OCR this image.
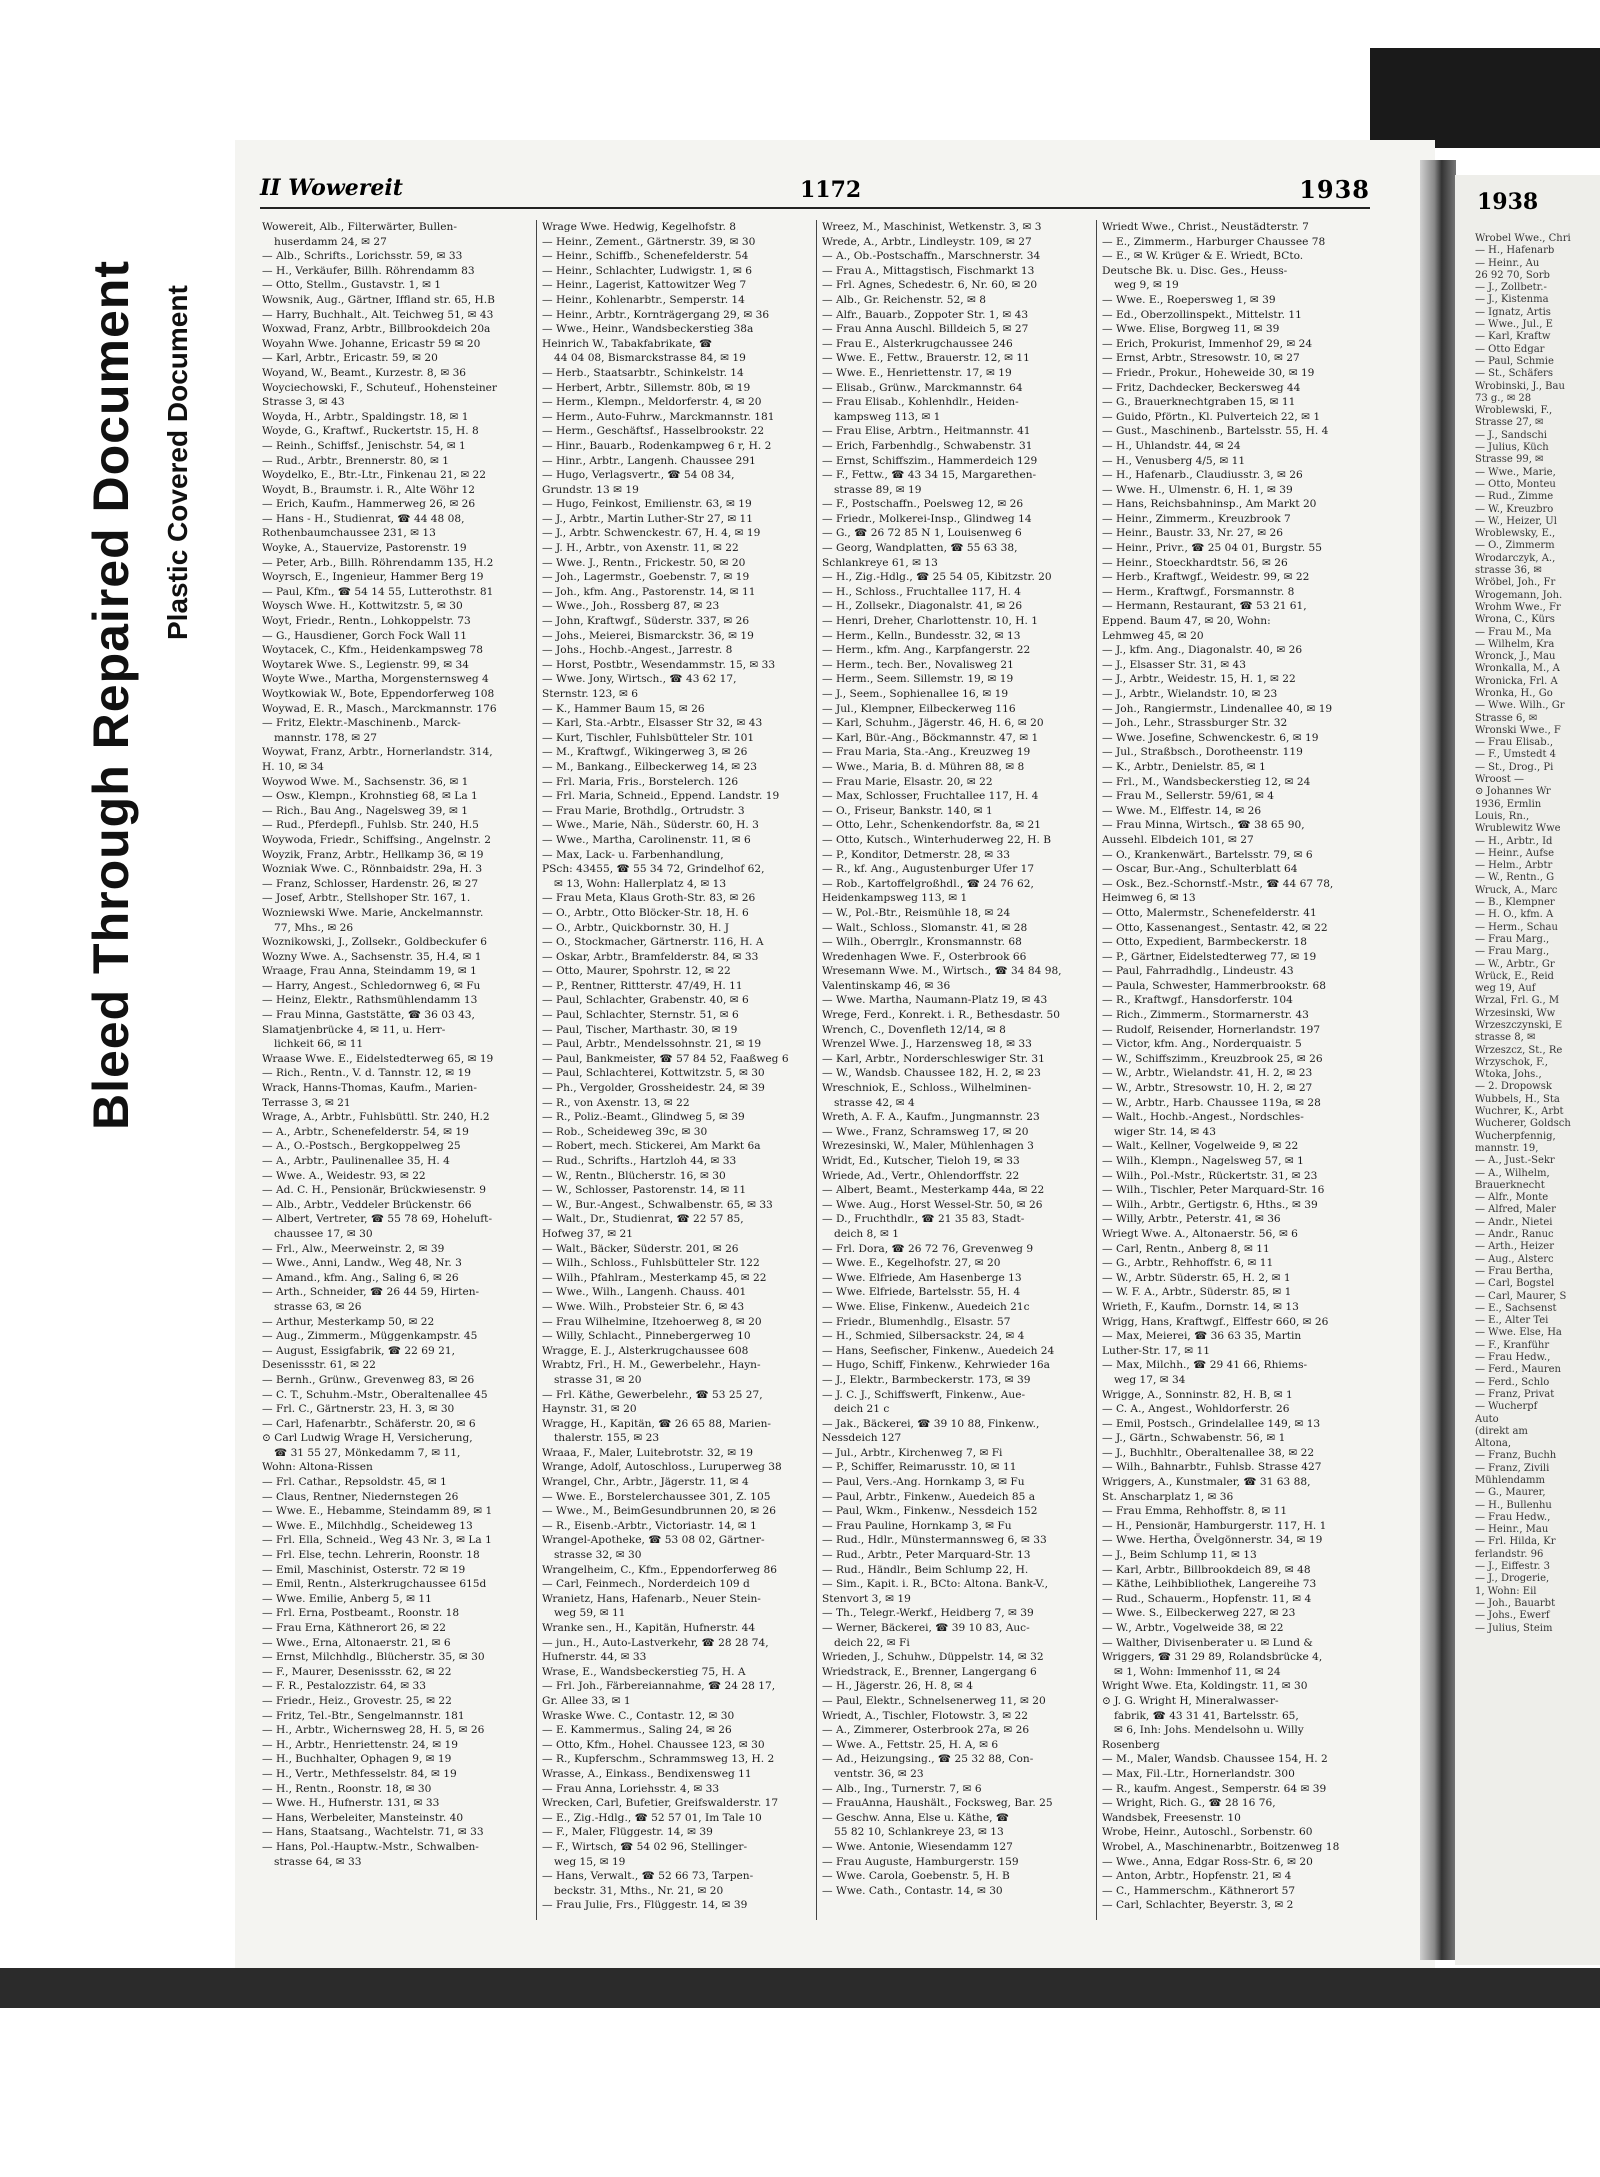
Bleed Through Repaired Document Plastic Covered Document
1938
Wrobel Wwe., Chri
— H., Hafenarb
— Heinr., Au
26 92 70, Sorb
— J., Zollbetr.-
— J., Kistenma
— Ignatz, Artis
— Wwe., Jul., E
— Karl, Kraftw
— Otto Edgar
— Paul, Schmie
— St., Schäfers
Wrobinski, J., Bau
73 g., ✉ 28
Wroblewski, F.,
Strasse 27, ✉
— J., Sandschi
— Julius, Küch
Strasse 99, ✉
— Wwe., Marie,
— Otto, Monteu
— Rud., Zimme
— W., Kreuzbro
— W., Heizer, Ul
Wroblewsky, E.,
— O., Zimmerm
Wrodarczyk, A.,
strasse 36, ✉
Wröbel, Joh., Fr
Wrogemann, Joh.
Wrohm Wwe., Fr
Wrona, C., Kürs
— Frau M., Ma
— Wilhelm, Kra
Wronck, J., Mau
Wronkalla, M., A
Wronicka, Frl. A
Wronka, H., Go
— Wwe. Wilh., Gr
Strasse 6, ✉
Wronski Wwe., F
— Frau Elisab.,
— F., Umstedt 4
— St., Drog., Pi
Wroost —
⊙ Johannes Wr
1936, Ermlin
Louis, Rn.,
Wrublewitz Wwe
— H., Arbtr., Id
— Heinr., Aufse
— Helm., Arbtr
— W., Rentn., G
Wruck, A., Marc
— B., Klempner
— H. O., kfm. A
— Herm., Schau
— Frau Marg.,
— Frau Marg.,
— W., Arbtr., Gr
Wrück, E., Reid
weg 19, Auf
Wrzal, Frl. G., M
Wrzesinski, Ww
Wrzeszczynski, E
strasse 8, ✉
Wrzeszcz, St., Re
Wrzyschok, F.,
Wtoka, Johs.,
— 2. Dropowsk
Wubbels, H., Sta
Wuchrer, K., Arbt
Wucherer, Goldsch
Wucherpfennig,
mannstr. 19,
— A., Just.-Sekr
— A., Wilhelm,
Brauerknecht
— Alfr., Monte
— Alfred, Maler
— Andr., Nietei
— Andr., Ranuc
— Arth., Heizer
— Aug., Alsterc
— Frau Bertha,
— Carl, Bogstel
— Carl, Maurer, S
— E., Sachsenst
— E., Alter Tei
— Wwe. Else, Ha
— F., Kranführ
— Frau Hedw.,
— Ferd., Mauren
— Ferd., Schlo
— Franz, Privat
— Wucherpf
Auto
(direkt am
Altona,
— Franz, Buchh
— Franz, Zivili
Mühlendamm
— G., Maurer,
— H., Bullenhu
— Frau Hedw.,
— Heinr., Mau
— Frl. Hilda, Kr
ferlandstr. 96
— J., Eiffestr. 3
— J., Drogerie,
1, Wohn: Eil
— Joh., Bauarbt
— Johs., Ewerf
— Julius, Steim
II Wowereit	1172	1938

Wowereit, Alb., Filterwärter, Bullen-

huserdamm 24, ✉ 27

— Alb., Schrifts., Lorichsstr. 59, ✉ 33

— H., Verkäufer, Billh. Röhrendamm 83

— Otto, Stellm., Gustavstr. 1, ✉ 1

Wowsnik, Aug., Gärtner, Iffland str. 65, H.B

— Harry, Buchhalt., Alt. Teichweg 51, ✉ 43

Woxwad, Franz, Arbtr., Billbrookdeich 20a

Woyahn Wwe. Johanne, Ericastr 59 ✉ 20

— Karl, Arbtr., Ericastr. 59, ✉ 20

Woyand, W., Beamt., Kurzestr. 8, ✉ 36

Woyciechowski, F., Schuteuf., Hohensteiner

Strasse 3, ✉ 43

Woyda, H., Arbtr., Spaldingstr. 18, ✉ 1

Woyde, G., Kraftwf., Ruckertstr. 15, H. 8

— Reinh., Schiffsf., Jenischstr. 54, ✉ 1

— Rud., Arbtr., Brennerstr. 80, ✉ 1

Woydelko, E., Btr.-Ltr., Finkenau 21, ✉ 22

Woydt, B., Braumstr. i. R., Alte Wöhr 12

— Erich, Kaufm., Hammerweg 26, ✉ 26

— Hans - H., Studienrat, ☎ 44 48 08,

Rothenbaumchaussee 231, ✉ 13

Woyke, A., Stauervize, Pastorenstr. 19

— Peter, Arb., Billh. Röhrendamm 135, H.2

Woyrsch, E., Ingenieur, Hammer Berg 19

— Paul, Kfm., ☎ 54 14 55, Lutterothstr. 81

Woysch Wwe. H., Kottwitzstr. 5, ✉ 30

Woyt, Friedr., Rentn., Lohkoppelstr. 73

— G., Hausdiener, Gorch Fock Wall 11

Woytacek, C., Kfm., Heidenkampsweg 78

Woytarek Wwe. S., Legienstr. 99, ✉ 34

Woyte Wwe., Martha, Morgensternsweg 4

Woytkowiak W., Bote, Eppendorferweg 108

Woywad, E. R., Masch., Marckmannstr. 176

— Fritz, Elektr.-Maschinenb., Marck-

mannstr. 178, ✉ 27

Woywat, Franz, Arbtr., Hornerlandstr. 314,

H. 10, ✉ 34

Woywod Wwe. M., Sachsenstr. 36, ✉ 1

— Osw., Klempn., Krohnstieg 68, ✉ La 1

— Rich., Bau Ang., Nagelsweg 39, ✉ 1

— Rud., Pferdepfl., Fuhlsb. Str. 240, H.5

Woywoda, Friedr., Schiffsing., Angelnstr. 2

Woyzik, Franz, Arbtr., Hellkamp 36, ✉ 19

Wozniak Wwe. C., Rönnbaidstr. 29a, H. 3

— Franz, Schlosser, Hardenstr. 26, ✉ 27

— Josef, Arbtr., Stellshoper Str. 167, 1.

Wozniewski Wwe. Marie, Anckelmannstr.

77, Mhs., ✉ 26

Woznikowski, J., Zollsekr., Goldbeckufer 6

Wozny Wwe. A., Sachsenstr. 35, H.4, ✉ 1

Wraage, Frau Anna, Steindamm 19, ✉ 1

— Harry, Angest., Schledornweg 6, ✉ Fu

— Heinz, Elektr., Rathsmühlendamm 13

— Frau Minna, Gaststätte, ☎ 36 03 43,

Slamatjenbrücke 4, ✉ 11, u. Herr-

lichkeit 66, ✉ 11

Wraase Wwe. E., Eidelstedterweg 65, ✉ 19

— Rich., Rentn., V. d. Tannstr. 12, ✉ 19

Wrack, Hanns-Thomas, Kaufm., Marien-

Terrasse 3, ✉ 21

Wrage, A., Arbtr., Fuhlsbüttl. Str. 240, H.2

— A., Arbtr., Schenefelderstr. 54, ✉ 19

— A., O.-Postsch., Bergkoppelweg 25

— A., Arbtr., Paulinenallee 35, H. 4

— Wwe. A., Weidestr. 93, ✉ 22

— Ad. C. H., Pensionär, Brückwiesenstr. 9

— Alb., Arbtr., Veddeler Brückenstr. 66

— Albert, Vertreter, ☎ 55 78 69, Hoheluft-

chaussee 17, ✉ 30

— Frl., Alw., Meerweinstr. 2, ✉ 39

— Wwe., Anni, Landw., Weg 48, Nr. 3

— Amand., kfm. Ang., Saling 6, ✉ 26

— Arth., Schneider, ☎ 26 44 59, Hirten-

strasse 63, ✉ 26

— Arthur, Mesterkamp 50, ✉ 22

— Aug., Zimmerm., Müggenkampstr. 45

— August, Essigfabrik, ☎ 22 69 21,

Desenissstr. 61, ✉ 22

— Bernh., Grünw., Grevenweg 83, ✉ 26

— C. T., Schuhm.-Mstr., Oberaltenallee 45

— Frl. C., Gärtnerstr. 23, H. 3, ✉ 30

— Carl, Hafenarbtr., Schäferstr. 20, ✉ 6

⊙ Carl Ludwig Wrage H, Versicherung,

☎ 31 55 27, Mönkedamm 7, ✉ 11,

Wohn: Altona-Rissen

— Frl. Cathar., Repsoldstr. 45, ✉ 1

— Claus, Rentner, Niedernstegen 26

— Wwe. E., Hebamme, Steindamm 89, ✉ 1

— Wwe. E., Milchhdlg., Scheideweg 13

— Frl. Ella, Schneid., Weg 43 Nr. 3, ✉ La 1

— Frl. Else, techn. Lehrerin, Roonstr. 18

— Emil, Maschinist, Osterstr. 72 ✉ 19

— Emil, Rentn., Alsterkrugchaussee 615d

— Wwe. Emilie, Anberg 5, ✉ 11

— Frl. Erna, Postbeamt., Roonstr. 18

— Frau Erna, Käthnerort 26, ✉ 22

— Wwe., Erna, Altonaerstr. 21, ✉ 6

— Ernst, Milchhdlg., Blücherstr. 35, ✉ 30

— F., Maurer, Desenissstr. 62, ✉ 22

— F. R., Pestalozzistr. 64, ✉ 33

— Friedr., Heiz., Grovestr. 25, ✉ 22

— Fritz, Tel.-Btr., Sengelmannstr. 181

— H., Arbtr., Wichernsweg 28, H. 5, ✉ 26

— H., Arbtr., Henriettenstr. 24, ✉ 19

— H., Buchhalter, Ophagen 9, ✉ 19

— H., Vertr., Methfesselstr. 84, ✉ 19

— H., Rentn., Roonstr. 18, ✉ 30

— Wwe. H., Hufnerstr. 131, ✉ 33

— Hans, Werbeleiter, Mansteinstr. 40

— Hans, Staatsang., Wachtelstr. 71, ✉ 33

— Hans, Pol.-Hauptw.-Mstr., Schwalben-

strasse 64, ✉ 33

Wrage Wwe. Hedwig, Kegelhofstr. 8

— Heinr., Zement., Gärtnerstr. 39, ✉ 30

— Heinr., Schiffb., Schenefelderstr. 54

— Heinr., Schlachter, Ludwigstr. 1, ✉ 6

— Heinr., Lagerist, Kattowitzer Weg 7

— Heinr., Kohlenarbtr., Semperstr. 14

— Heinr., Arbtr., Kornträgergang 29, ✉ 36

— Wwe., Heinr., Wandsbeckerstieg 38a

Heinrich W., Tabakfabrikate, ☎

44 04 08, Bismarckstrasse 84, ✉ 19

— Herb., Staatsarbtr., Schinkelstr. 14

— Herbert, Arbtr., Sillemstr. 80b, ✉ 19

— Herm., Klempn., Meldorferstr. 4, ✉ 20

— Herm., Auto-Fuhrw., Marckmannstr. 181

— Herm., Geschäftsf., Hasselbrookstr. 22

— Hinr., Bauarb., Rodenkampweg 6 r, H. 2

— Hinr., Arbtr., Langenh. Chaussee 291

— Hugo, Verlagsvertr., ☎ 54 08 34,

Grundstr. 13 ✉ 19

— Hugo, Feinkost, Emilienstr. 63, ✉ 19

— J., Arbtr., Martin Luther-Str 27, ✉ 11

— J., Arbtr. Schwenckestr. 67, H. 4, ✉ 19

— J. H., Arbtr., von Axenstr. 11, ✉ 22

— Wwe. J., Rentn., Frickestr. 50, ✉ 20

— Joh., Lagermstr., Goebenstr. 7, ✉ 19

— Joh., kfm. Ang., Pastorenstr. 14, ✉ 11

— Wwe., Joh., Rossberg 87, ✉ 23

— John, Kraftwgf., Süderstr. 337, ✉ 26

— Johs., Meierei, Bismarckstr. 36, ✉ 19

— Johs., Hochb.-Angest., Jarrestr. 8

— Horst, Postbtr., Wesendammstr. 15, ✉ 33

— Wwe. Jony, Wirtsch., ☎ 43 62 17,

Sternstr. 123, ✉ 6

— K., Hammer Baum 15, ✉ 26

— Karl, Sta.-Arbtr., Elsasser Str 32, ✉ 43

— Kurt, Tischler, Fuhlsbütteler Str. 101

— M., Kraftwgf., Wikingerweg 3, ✉ 26

— M., Bankang., Eilbeckerweg 14, ✉ 23

— Frl. Maria, Fris., Borstelerch. 126

— Frl. Maria, Schneid., Eppend. Landstr. 19

— Frau Marie, Brothdlg., Ortrudstr. 3

— Wwe., Marie, Näh., Süderstr. 60, H. 3

— Wwe., Martha, Carolinenstr. 11, ✉ 6

— Max, Lack- u. Farbenhandlung,

PSch: 43455, ☎ 55 34 72, Grindelhof 62,

✉ 13, Wohn: Hallerplatz 4, ✉ 13

— Frau Meta, Klaus Groth-Str. 83, ✉ 26

— O., Arbtr., Otto Blöcker-Str. 18, H. 6

— O., Arbtr., Quickbornstr. 30, H. J

— O., Stockmacher, Gärtnerstr. 116, H. A

— Oskar, Arbtr., Bramfelderstr. 84, ✉ 33

— Otto, Maurer, Spohrstr. 12, ✉ 22

— P., Rentner, Rittterstr. 47/49, H. 11

— Paul, Schlachter, Grabenstr. 40, ✉ 6

— Paul, Schlachter, Sternstr. 51, ✉ 6

— Paul, Tischer, Marthastr. 30, ✉ 19

— Paul, Arbtr., Mendelssohnstr. 21, ✉ 19

— Paul, Bankmeister, ☎ 57 84 52, Faaßweg 6

— Paul, Schlachterei, Kottwitzstr. 5, ✉ 30

— Ph., Vergolder, Grossheidestr. 24, ✉ 39

— R., von Axenstr. 13, ✉ 22

— R., Poliz.-Beamt., Glindweg 5, ✉ 39

— Rob., Scheideweg 39c, ✉ 30

— Robert, mech. Stickerei, Am Markt 6a

— Rud., Schrifts., Hartzloh 44, ✉ 33

— W., Rentn., Blücherstr. 16, ✉ 30

— W., Schlosser, Pastorenstr. 14, ✉ 11

— W., Bur.-Angest., Schwalbenstr. 65, ✉ 33

— Walt., Dr., Studienrat, ☎ 22 57 85,

Hofweg 37, ✉ 21

— Walt., Bäcker, Süderstr. 201, ✉ 26

— Wilh., Schloss., Fuhlsbütteler Str. 122

— Wilh., Pfahlram., Mesterkamp 45, ✉ 22

— Wwe., Wilh., Langenh. Chauss. 401

— Wwe. Wilh., Probsteier Str. 6, ✉ 43

— Frau Wilhelmine, Itzehoerweg 8, ✉ 20

— Willy, Schlacht., Pinnebergerweg 10

Wragge, E. J., Alsterkrugchaussee 608

Wrabtz, Frl., H. M., Gewerbelehr., Hayn-

strasse 31, ✉ 20

— Frl. Käthe, Gewerbelehr., ☎ 53 25 27,

Haynstr. 31, ✉ 20

Wragge, H., Kapitän, ☎ 26 65 88, Marien-

thalerstr. 155, ✉ 23

Wraaa, F., Maler, Luitebrotstr. 32, ✉ 19

Wrange, Adolf, Autoschloss., Luruperweg 38

Wrangel, Chr., Arbtr., Jägerstr. 11, ✉ 4

— Wwe. E., Borstelerchaussee 301, Z. 105

— Wwe., M., BeimGesundbrunnen 20, ✉ 26

— R., Eisenb.-Arbtr., Victoriastr. 14, ✉ 1

Wrangel-Apotheke, ☎ 53 08 02, Gärtner-

strasse 32, ✉ 30

Wrangelheim, C., Kfm., Eppendorferweg 86

— Carl, Feinmech., Norderdeich 109 d

Wranietz, Hans, Hafenarb., Neuer Stein-

weg 59, ✉ 11

Wranke sen., H., Kapitän, Hufnerstr. 44

— jun., H., Auto-Lastverkehr, ☎ 28 28 74,

Hufnerstr. 44, ✉ 33

Wrase, E., Wandsbeckerstieg 75, H. A

— Frl. Joh., Färbereiannahme, ☎ 24 28 17,

Gr. Allee 33, ✉ 1

Wraske Wwe. C., Contastr. 12, ✉ 30

— E. Kammermus., Saling 24, ✉ 26

— Otto, Kfm., Hohel. Chaussee 123, ✉ 30

— R., Kupferschm., Schrammsweg 13, H. 2

Wrasse, A., Einkass., Bendixensweg 11

— Frau Anna, Loriehsstr. 4, ✉ 33

Wrecken, Carl, Bufetier, Greifswalderstr. 17

— E., Zig.-Hdlg., ☎ 52 57 01, Im Tale 10

— F., Maler, Flüggestr. 14, ✉ 39

— F., Wirtsch, ☎ 54 02 96, Stellinger-

weg 15, ✉ 19

— Hans, Verwalt., ☎ 52 66 73, Tarpen-

beckstr. 31, Mths., Nr. 21, ✉ 20

— Frau Julie, Frs., Flüggestr. 14, ✉ 39

Wreez, M., Maschinist, Wetkenstr. 3, ✉ 3

Wrede, A., Arbtr., Lindleystr. 109, ✉ 27

— A., Ob.-Postschaffn., Marschnerstr. 34

— Frau A., Mittagstisch, Fischmarkt 13

— Frl. Agnes, Schedestr. 6, Nr. 60, ✉ 20

— Alb., Gr. Reichenstr. 52, ✉ 8

— Alfr., Bauarb., Zoppoter Str. 1, ✉ 43

— Frau Anna Auschl. Billdeich 5, ✉ 27

— Frau E., Alsterkrugchaussee 246

— Wwe. E., Fettw., Brauerstr. 12, ✉ 11

— Wwe. E., Henriettenstr. 17, ✉ 19

— Elisab., Grünw., Marckmannstr. 64

— Frau Elisab., Kohlenhdlr., Heiden-

kampsweg 113, ✉ 1

— Frau Elise, Arbtrn., Heitmannstr. 41

— Erich, Farbenhdlg., Schwabenstr. 31

— Ernst, Schiffszim., Hammerdeich 129

— F., Fettw., ☎ 43 34 15, Margarethen-

strasse 89, ✉ 19

— F., Postschaffn., Poelsweg 12, ✉ 26

— Friedr., Molkerei-Insp., Glindweg 14

— G., ☎ 26 72 85 N 1, Louisenweg 6

— Georg, Wandplatten, ☎ 55 63 38,

Schlankreye 61, ✉ 13

— H., Zig.-Hdlg., ☎ 25 54 05, Kibitzstr. 20

— H., Schloss., Fruchtallee 117, H. 4

— H., Zollsekr., Diagonalstr. 41, ✉ 26

— Henri, Dreher, Charlottenstr. 10, H. 1

— Herm., Kelln., Bundesstr. 32, ✉ 13

— Herm., kfm. Ang., Karpfangerstr. 22

— Herm., tech. Ber., Novalisweg 21

— Herm., Seem. Sillemstr. 19, ✉ 19

— J., Seem., Sophienallee 16, ✉ 19

— Jul., Klempner, Eilbeckerweg 116

— Karl, Schuhm., Jägerstr. 46, H. 6, ✉ 20

— Karl, Bür.-Ang., Böckmannstr. 47, ✉ 1

— Frau Maria, Sta.-Ang., Kreuzweg 19

— Wwe., Maria, B. d. Mühren 88, ✉ 8

— Frau Marie, Elsastr. 20, ✉ 22

— Max, Schlosser, Fruchtallee 117, H. 4

— O., Friseur, Bankstr. 140, ✉ 1

— Otto, Lehr., Schenkendorfstr. 8a, ✉ 21

— Otto, Kutsch., Winterhuderweg 22, H. B

— P., Konditor, Detmerstr. 28, ✉ 33

— R., kf. Ang., Augustenburger Ufer 17

— Rob., Kartoffelgroßhdl., ☎ 24 76 62,

Heidenkampsweg 113, ✉ 1

— W., Pol.-Btr., Reismühle 18, ✉ 24

— Walt., Schloss., Slomanstr. 41, ✉ 28

— Wilh., Oberrglr., Kronsmannstr. 68

Wredenhagen Wwe. F., Osterbrook 66

Wresemann Wwe. M., Wirtsch., ☎ 34 84 98,

Valentinskamp 46, ✉ 36

— Wwe. Martha, Naumann-Platz 19, ✉ 43

Wrege, Ferd., Konrekt. i. R., Bethesdastr. 50

Wrench, C., Dovenfleth 12/14, ✉ 8

Wrenzel Wwe. J., Harzensweg 18, ✉ 33

— Karl, Arbtr., Norderschleswiger Str. 31

— W., Wandsb. Chaussee 182, H. 2, ✉ 23

Wreschniok, E., Schloss., Wilhelminen-

strasse 42, ✉ 4

Wreth, A. F. A., Kaufm., Jungmannstr. 23

— Wwe., Franz, Schramsweg 17, ✉ 20

Wrezesinski, W., Maler, Mühlenhagen 3

Wridt, Ed., Kutscher, Tieloh 19, ✉ 33

Wriede, Ad., Vertr., Ohlendorffstr. 22

— Albert, Beamt., Mesterkamp 44a, ✉ 22

— Wwe. Aug., Horst Wessel-Str. 50, ✉ 26

— D., Fruchthdlr., ☎ 21 35 83, Stadt-

deich 8, ✉ 1

— Frl. Dora, ☎ 26 72 76, Grevenweg 9

— Wwe. E., Kegelhofstr. 27, ✉ 20

— Wwe. Elfriede, Am Hasenberge 13

— Wwe. Elfriede, Bartelsstr. 55, H. 4

— Wwe. Elise, Finkenw., Auedeich 21c

— Friedr., Blumenhdlg., Elsastr. 57

— H., Schmied, Silbersackstr. 24, ✉ 4

— Hans, Seefischer, Finkenw., Auedeich 24

— Hugo, Schiff, Finkenw., Kehrwieder 16a

— J., Elektr., Barmbeckerstr. 173, ✉ 39

— J. C. J., Schiffswerft, Finkenw., Aue-

deich 21 c

— Jak., Bäckerei, ☎ 39 10 88, Finkenw.,

Nessdeich 127

— Jul., Arbtr., Kirchenweg 7, ✉ Fi

— P., Schiffer, Reimarusstr. 10, ✉ 11

— Paul, Vers.-Ang. Hornkamp 3, ✉ Fu

— Paul, Arbtr., Finkenw., Auedeich 85 a

— Paul, Wkm., Finkenw., Nessdeich 152

— Frau Pauline, Hornkamp 3, ✉ Fu

— Rud., Hdlr., Münstermannsweg 6, ✉ 33

— Rud., Arbtr., Peter Marquard-Str. 13

— Rud., Händlr., Beim Schlump 22, H.

— Sim., Kapit. i. R., BCto: Altona. Bank-V.,

Stenvort 3, ✉ 19

— Th., Telegr.-Werkf., Heidberg 7, ✉ 39

— Werner, Bäckerei, ☎ 39 10 83, Auc-

deich 22, ✉ Fi

Wrieden, J., Schuhw., Düppelstr. 14, ✉ 32

Wriedstrack, E., Brenner, Langergang 6

— H., Jägerstr. 26, H. 8, ✉ 4

— Paul, Elektr., Schnelsenerweg 11, ✉ 20

Wriedt, A., Tischler, Flotowstr. 3, ✉ 22

— A., Zimmerer, Osterbrook 27a, ✉ 26

— Wwe. A., Fettstr. 25, H. A, ✉ 6

— Ad., Heizungsing., ☎ 25 32 88, Con-

ventstr. 36, ✉ 23

— Alb., Ing., Turnerstr. 7, ✉ 6

— FrauAnna, Haushält., Focksweg, Bar. 25

— Geschw. Anna, Else u. Käthe, ☎

55 82 10, Schlankreye 23, ✉ 13

— Wwe. Antonie, Wiesendamm 127

— Frau Auguste, Hamburgerstr. 159

— Wwe. Carola, Goebenstr. 5, H. B

— Wwe. Cath., Contastr. 14, ✉ 30

Wriedt Wwe., Christ., Neustädterstr. 7

— E., Zimmerm., Harburger Chaussee 78

— E., ✉ W. Krüger & E. Wriedt, BCto.

Deutsche Bk. u. Disc. Ges., Heuss-

weg 9, ✉ 19

— Wwe. E., Roepersweg 1, ✉ 39

— Ed., Oberzollinspekt., Mittelstr. 11

— Wwe. Elise, Borgweg 11, ✉ 39

— Erich, Prokurist, Immenhof 29, ✉ 24

— Ernst, Arbtr., Stresowstr. 10, ✉ 27

— Friedr., Prokur., Hoheweide 30, ✉ 19

— Fritz, Dachdecker, Beckersweg 44

— G., Brauerknechtgraben 15, ✉ 11

— Guido, Pförtn., Kl. Pulverteich 22, ✉ 1

— Gust., Maschinenb., Bartelsstr. 55, H. 4

— H., Uhlandstr. 44, ✉ 24

— H., Venusberg 4/5, ✉ 11

— H., Hafenarb., Claudiusstr. 3, ✉ 26

— Wwe. H., Ulmenstr. 6, H. 1, ✉ 39

— Hans, Reichsbahninsp., Am Markt 20

— Heinr., Zimmerm., Kreuzbrook 7

— Heinr., Baustr. 33, Nr. 27, ✉ 26

— Heinr., Privr., ☎ 25 04 01, Burgstr. 55

— Heinr., Stoeckhardtstr. 56, ✉ 26

— Herb., Kraftwgf., Weidestr. 99, ✉ 22

— Herm., Kraftwgf., Forsmannstr. 8

— Hermann, Restaurant, ☎ 53 21 61,

Eppend. Baum 47, ✉ 20, Wohn:

Lehmweg 45, ✉ 20

— J., kfm. Ang., Diagonalstr. 40, ✉ 26

— J., Elsasser Str. 31, ✉ 43

— J., Arbtr., Weidestr. 15, H. 1, ✉ 22

— J., Arbtr., Wielandstr. 10, ✉ 23

— Joh., Rangiermstr., Lindenallee 40, ✉ 19

— Joh., Lehr., Strassburger Str. 32

— Wwe. Josefine, Schwenckestr. 6, ✉ 19

— Jul., Straßbsch., Dorotheenstr. 119

— K., Arbtr., Denielstr. 85, ✉ 1

— Frl., M., Wandsbeckerstieg 12, ✉ 24

— Frau M., Sellerstr. 59/61, ✉ 4

— Wwe. M., Elffestr. 14, ✉ 26

— Frau Minna, Wirtsch., ☎ 38 65 90,

Aussehl. Elbdeich 101, ✉ 27

— O., Krankenwärt., Bartelsstr. 79, ✉ 6

— Oscar, Bur.-Ang., Schulterblatt 64

— Osk., Bez.-Schornstf.-Mstr., ☎ 44 67 78,

Heimweg 6, ✉ 13

— Otto, Malermstr., Schenefelderstr. 41

— Otto, Kassenangest., Sentastr. 42, ✉ 22

— Otto, Expedient, Barmbeckerstr. 18

— P., Gärtner, Eidelstedterweg 77, ✉ 19

— Paul, Fahrradhdlg., Lindeustr. 43

— Paula, Schwester, Hammerbrookstr. 68

— R., Kraftwgf., Hansdorferstr. 104

— Rich., Zimmerm., Stormarnerstr. 43

— Rudolf, Reisender, Hornerlandstr. 197

— Victor, kfm. Ang., Norderquaistr. 5

— W., Schiffszimm., Kreuzbrook 25, ✉ 26

— W., Arbtr., Wielandstr. 41, H. 2, ✉ 23

— W., Arbtr., Stresowstr. 10, H. 2, ✉ 27

— W., Arbtr., Harb. Chaussee 119a, ✉ 28

— Walt., Hochb.-Angest., Nordschles-

wiger Str. 14, ✉ 43

— Walt., Kellner, Vogelweide 9, ✉ 22

— Wilh., Klempn., Nagelsweg 57, ✉ 1

— Wilh., Pol.-Mstr., Rückertstr. 31, ✉ 23

— Wilh., Tischler, Peter Marquard-Str. 16

— Wilh., Arbtr., Gertigstr. 6, Hths., ✉ 39

— Willy, Arbtr., Peterstr. 41, ✉ 36

Wriegt Wwe. A., Altonaerstr. 56, ✉ 6

— Carl, Rentn., Anberg 8, ✉ 11

— G., Arbtr., Rehhoffstr. 6, ✉ 11

— W., Arbtr. Süderstr. 65, H. 2, ✉ 1

— W. F. A., Arbtr., Süderstr. 85, ✉ 1

Wrieth, F., Kaufm., Dornstr. 14, ✉ 13

Wrigg, Hans, Kraftwgf., Elffestr 660, ✉ 26

— Max, Meierei, ☎ 36 63 35, Martin

Luther-Str. 17, ✉ 11

— Max, Milchh., ☎ 29 41 66, Rhiems-

weg 17, ✉ 34

Wrigge, A., Sonninstr. 82, H. B, ✉ 1

— C. A., Angest., Wohldorferstr. 26

— Emil, Postsch., Grindelallee 149, ✉ 13

— J., Gärtn., Schwabenstr. 56, ✉ 1

— J., Buchhltr., Oberaltenallee 38, ✉ 22

— Wilh., Bahnarbtr., Fuhlsb. Strasse 427

Wriggers, A., Kunstmaler, ☎ 31 63 88,

St. Anscharplatz 1, ✉ 36

— Frau Emma, Rehhoffstr. 8, ✉ 11

— H., Pensionär, Hamburgerstr. 117, H. 1

— Wwe. Hertha, Övelgönnerstr. 34, ✉ 19

— J., Beim Schlump 11, ✉ 13

— Karl, Arbtr., Billbrookdeich 89, ✉ 48

— Käthe, Leihbibliothek, Langereihe 73

— Rud., Schauerm., Hopfenstr. 11, ✉ 4

— Wwe. S., Eilbeckerweg 227, ✉ 23

— W., Arbtr., Vogelweide 38, ✉ 22

— Walther, Divisenberater u. ✉ Lund &

Wriggers, ☎ 31 29 89, Rolandsbrücke 4,

✉ 1, Wohn: Immenhof 11, ✉ 24

Wright Wwe. Eta, Koldingstr. 11, ✉ 30

⊙ J. G. Wright H, Mineralwasser-

fabrik, ☎ 43 31 41, Bartelsstr. 65,

✉ 6, Inh: Johs. Mendelsohn u. Willy

Rosenberg

— M., Maler, Wandsb. Chaussee 154, H. 2

— Max, Fil.-Ltr., Hornerlandstr. 300

— R., kaufm. Angest., Semperstr. 64 ✉ 39

— Wright, Rich. G., ☎ 28 16 76,

Wandsbek, Freesenstr. 10

Wrobe, Heinr., Autoschl., Sorbenstr. 60

Wrobel, A., Maschinenarbtr., Boitzenweg 18

— Wwe., Anna, Edgar Ross-Str. 6, ✉ 20

— Anton, Arbtr., Hopfenstr. 21, ✉ 4

— C., Hammerschm., Käthnerort 57

— Carl, Schlachter, Beyerstr. 3, ✉ 2
